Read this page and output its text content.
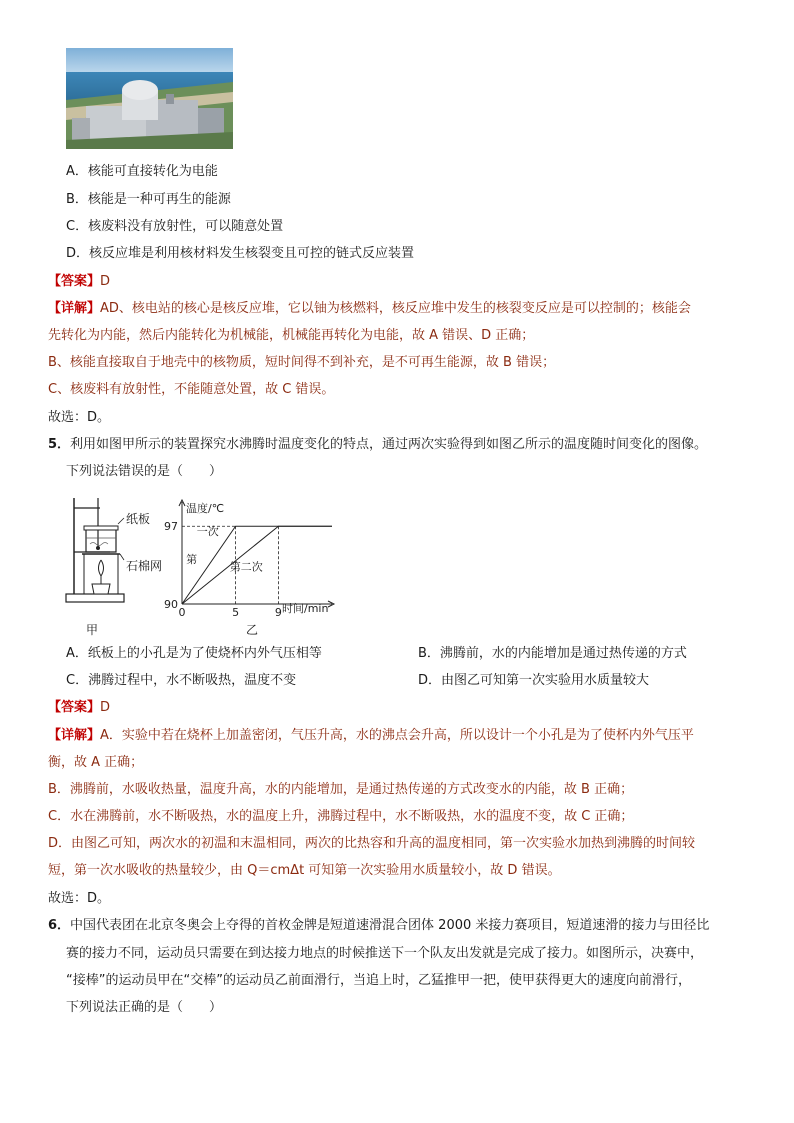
A．核能可直接转化为电能
B．核能是一种可再生的能源
C．核废料没有放射性，可以随意处置
D．核反应堆是利用核材料发生核裂变且可控的链式反应装置
【答案】D
【详解】AD、核电站的核心是核反应堆，它以铀为核燃料，核反应堆中发生的核裂变反应是可以控制的；核能会
先转化为内能，然后内能转化为机械能，机械能再转化为电能，故 A 错误、D 正确；
B、核能直接取自于地壳中的核物质，短时间得不到补充，是不可再生能源，故 B 错误；
C、核废料有放射性，不能随意处置，故 C 错误。
故选：D。
5．利用如图甲所示的装置探究水沸腾时温度变化的特点，通过两次实验得到如图乙所示的温度随时间变化的图像。
下列说法错误的是（　　）
纸板
石棉网
甲
0	5	9
90
97 一次
第
第二次
温度/℃
时间/min
乙
A．纸板上的小孔是为了使烧杯内外气压相等	B．沸腾前，水的内能增加是通过热传递的方式
C．沸腾过程中，水不断吸热，温度不变	D．由图乙可知第一次实验用水质量较大
【答案】D
【详解】A．实验中若在烧杯上加盖密闭，气压升高，水的沸点会升高，所以设计一个小孔是为了使杯内外气压平
衡，故 A 正确；
B．沸腾前，水吸收热量，温度升高，水的内能增加，是通过热传递的方式改变水的内能，故 B 正确；
C．水在沸腾前，水不断吸热，水的温度上升，沸腾过程中，水不断吸热，水的温度不变，故 C 正确；
D．由图乙可知，两次水的初温和末温相同，两次的比热容和升高的温度相同，第一次实验水加热到沸腾的时间较
短，第一次水吸收的热量较少，由 Q＝cmΔt 可知第一次实验用水质量较小，故 D 错误。
故选：D。
6．中国代表团在北京冬奥会上夺得的首枚金牌是短道速滑混合团体 2000 米接力赛项目，短道速滑的接力与田径比
赛的接力不同，运动员只需要在到达接力地点的时候推送下一个队友出发就是完成了接力。如图所示，决赛中，
“接棒”的运动员甲在“交棒”的运动员乙前面滑行，当追上时，乙猛推甲一把，使甲获得更大的速度向前滑行，
下列说法正确的是（　　）
